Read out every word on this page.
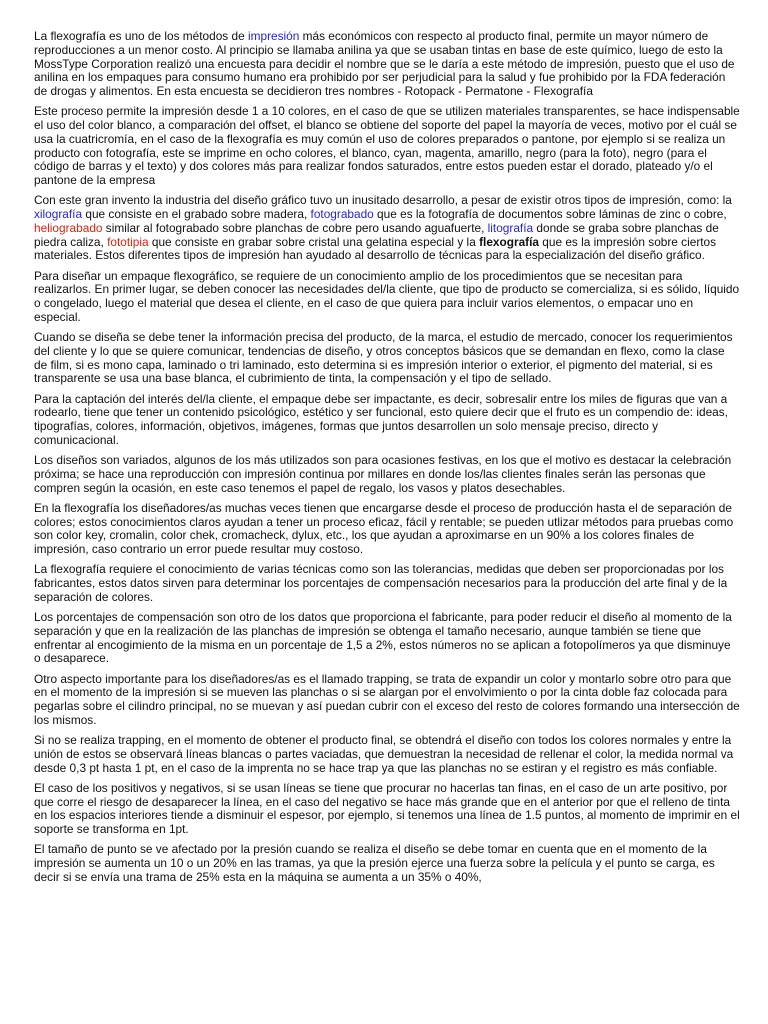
La flexografía es uno de los métodos de impresión más económicos con respecto al producto final, permite un mayor número de reproducciones a un menor costo. Al principio se llamaba anilina ya que se usaban tintas en base de este químico, luego de esto la MossType Corporation realizó una encuesta para decidir el nombre que se le daría a este método de impresión, puesto que el uso de anilina en los empaques para consumo humano era prohibido por ser perjudicial para la salud y fue prohibido por la FDA federación de drogas y alimentos. En esta encuesta se decidieron tres nombres - Rotopack - Permatone - Flexografía

Este proceso permite la impresión desde 1 a 10 colores, en el caso de que se utilizen materiales transparentes, se hace indispensable el uso del color blanco, a comparación del offset, el blanco se obtiene del soporte del papel la mayoría de veces, motivo por el cuál se usa la cuatricromía, en el caso de la flexografía es muy común el uso de colores preparados o pantone, por ejemplo si se realiza un producto con fotografía, este se imprime en ocho colores, el blanco, cyan, magenta, amarillo, negro (para la foto), negro (para el código de barras y el texto) y dos colores más para realizar fondos saturados, entre estos pueden estar el dorado, plateado y/o el pantone de la empresa

Con este gran invento la industria del diseño gráfico tuvo un inusitado desarrollo, a pesar de existir otros tipos de impresión, como: la xilografía que consiste en el grabado sobre madera, fotograbado que es la fotografía de documentos sobre láminas de zinc o cobre, heliograbado similar al fotograbado sobre planchas de cobre pero usando aguafuerte, litografía donde se graba sobre planchas de piedra caliza, fototipia que consiste en grabar sobre cristal una gelatina especial y la flexografía que es la impresión sobre ciertos materiales. Estos diferentes tipos de impresión han ayudado al desarrollo de técnicas para la especialización del diseño gráfico.

Para diseñar un empaque flexográfico, se requiere de un conocimiento amplio de los procedimientos que se necesitan para realizarlos. En primer lugar, se deben conocer las necesidades del/la cliente, que tipo de producto se comercializa, si es sólido, líquido o congelado, luego el material que desea el cliente, en el caso de que quiera para incluir varios elementos, o empacar uno en especial.

Cuando se diseña se debe tener la información precisa del producto, de la marca, el estudio de mercado, conocer los requerimientos del cliente y lo que se quiere comunicar, tendencias de diseño, y otros conceptos básicos que se demandan en flexo, como la clase de film, si es mono capa, laminado o tri laminado, esto determina si es impresión interior o exterior, el pigmento del material, si es transparente se usa una base blanca, el cubrimiento de tinta, la compensación y el tipo de sellado.

Para la captación del interés del/la cliente, el empaque debe ser impactante, es decir, sobresalir entre los miles de figuras que van a rodearlo, tiene que tener un contenido psicológico, estético y ser funcional, esto quiere decir que el fruto es un compendio de: ideas, tipografías, colores, información, objetivos, imágenes, formas que juntos desarrollen un solo mensaje preciso, directo y comunicacional.

Los diseños son variados, algunos de los más utilizados son para ocasiones festivas, en los que el motivo es destacar la celebración próxima; se hace una reproducción con impresión continua por millares en donde los/las clientes finales serán las personas que compren según la ocasión, en este caso tenemos el papel de regalo, los vasos y platos desechables.

En la flexografía los diseñadores/as muchas veces tienen que encargarse desde el proceso de producción hasta el de separación de colores; estos conocimientos claros ayudan a tener un proceso eficaz, fácil y rentable; se pueden utlizar métodos para pruebas como son color key, cromalin, color chek, cromacheck, dylux, etc., los que ayudan a aproximarse en un 90% a los colores finales de impresión, caso contrario un error puede resultar muy costoso.

La flexografía requiere el conocimiento de varias técnicas como son las tolerancias, medidas que deben ser proporcionadas por los fabricantes, estos datos sirven para determinar los porcentajes de compensación necesarios para la producción del arte final y de la separación de colores.

Los porcentajes de compensación son otro de los datos que proporciona el fabricante, para poder reducir el diseño al momento de la separación y que en la realización de las planchas de impresión se obtenga el tamaño necesario, aunque también se tiene que enfrentar al encogimiento de la misma en un porcentaje de 1,5 a 2%, estos números no se aplican a fotopolímeros ya que disminuye o desaparece.

Otro aspecto importante para los diseñadores/as es el llamado trapping, se trata de expandir un color y montarlo sobre otro para que en el momento de la impresión si se mueven las planchas o si se alargan por el envolvimiento o por la cinta doble faz colocada para pegarlas sobre el cilindro principal, no se muevan y así puedan cubrir con el exceso del resto de colores formando una intersección de los mismos.

Si no se realiza trapping, en el momento de obtener el producto final, se obtendrá el diseño con todos los colores normales y entre la unión de estos se observará líneas blancas o partes vaciadas, que demuestran la necesidad de rellenar el color, la medida normal va desde 0,3 pt hasta 1 pt, en el caso de la imprenta no se hace trap ya que las planchas no se estiran y el registro es más confiable.

El caso de los positivos y negativos, si se usan líneas se tiene que procurar no hacerlas tan finas, en el caso de un arte positivo, por que corre el riesgo de desaparecer la línea, en el caso del negativo se hace más grande que en el anterior por que el relleno de tinta en los espacios interiores tiende a disminuir el espesor, por ejemplo, si tenemos una línea de 1.5 puntos, al momento de imprimir en el soporte se transforma en 1pt.

El tamaño de punto se ve afectado por la presión cuando se realiza el diseño se debe tomar en cuenta que en el momento de la impresión se aumenta un 10 o un 20% en las tramas, ya que la presión ejerce una fuerza sobre la película y el punto se carga, es decir si se envía una trama de 25% esta en la máquina se aumenta a un 35% o 40%,
